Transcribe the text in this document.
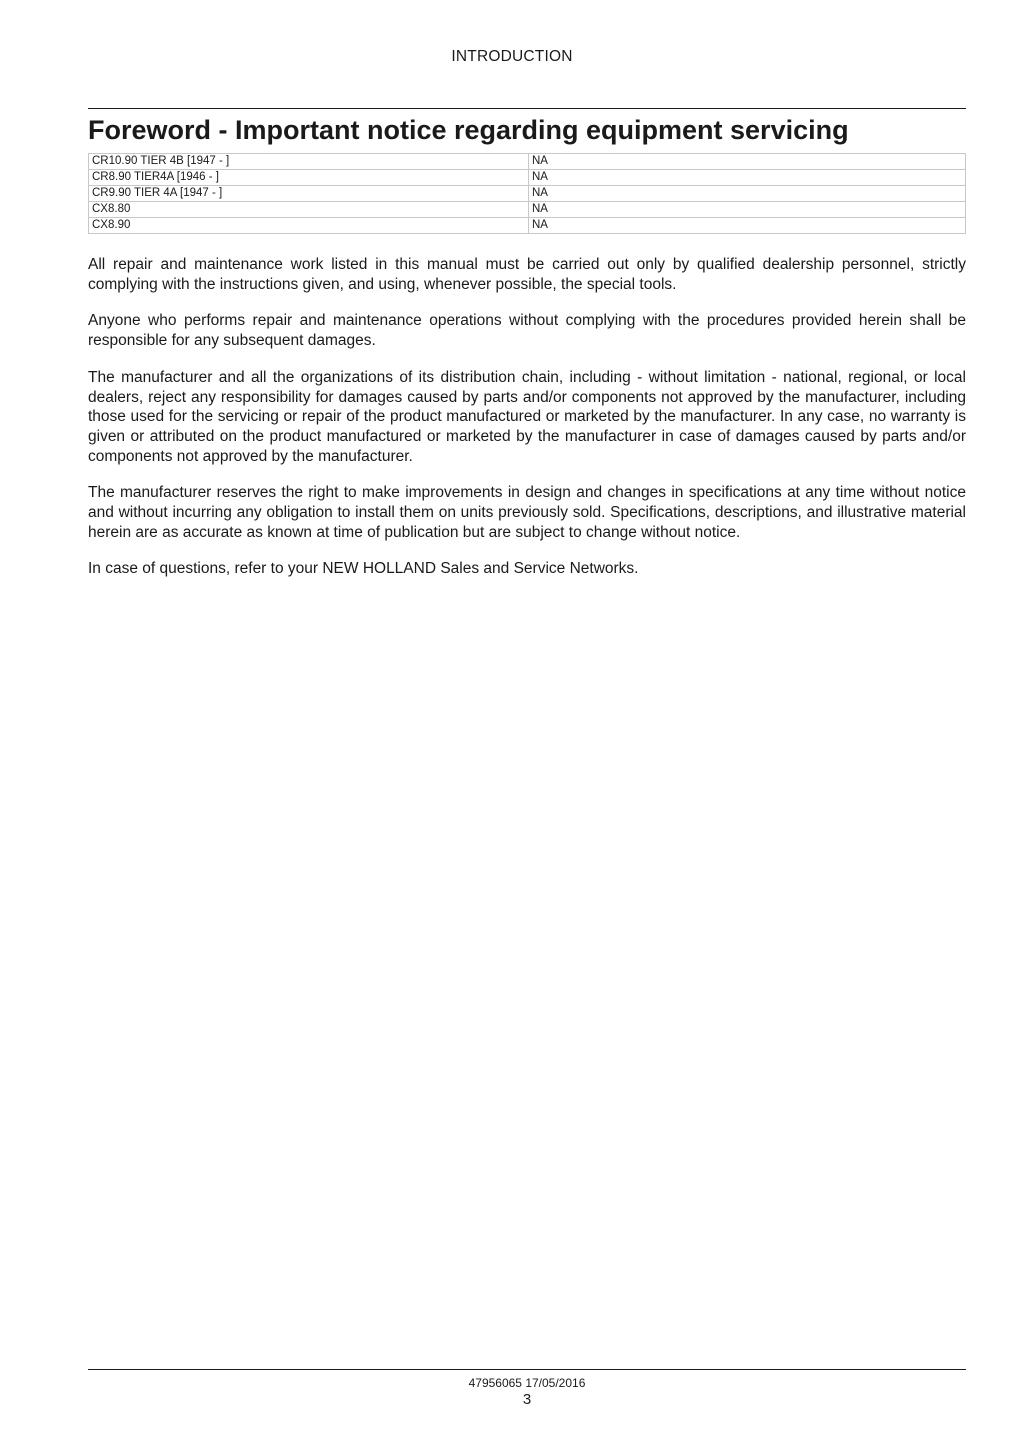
INTRODUCTION
Foreword - Important notice regarding equipment servicing
CR10.90 TIER 4B [1947 - ]	NA
CR8.90 TIER4A [1946 - ]	NA
CR9.90 TIER 4A [1947 - ]	NA
CX8.80	NA
CX8.90	NA

All repair and maintenance work listed in this manual must be carried out only by qualified dealership personnel, strictly complying with the instructions given, and using, whenever possible, the special tools.

Anyone who performs repair and maintenance operations without complying with the procedures provided herein shall be responsible for any subsequent damages.

The manufacturer and all the organizations of its distribution chain, including - without limitation - national, regional, or local dealers, reject any responsibility for damages caused by parts and/or components not approved by the manufacturer, including those used for the servicing or repair of the product manufactured or marketed by the manufacturer. In any case, no warranty is given or attributed on the product manufactured or marketed by the manufacturer in case of damages caused by parts and/or components not approved by the manufacturer.

The manufacturer reserves the right to make improvements in design and changes in specifications at any time without notice and without incurring any obligation to install them on units previously sold. Specifications, descriptions, and illustrative material herein are as accurate as known at time of publication but are subject to change without notice.

In case of questions, refer to your NEW HOLLAND Sales and Service Networks.

47956065 17/05/2016
3
